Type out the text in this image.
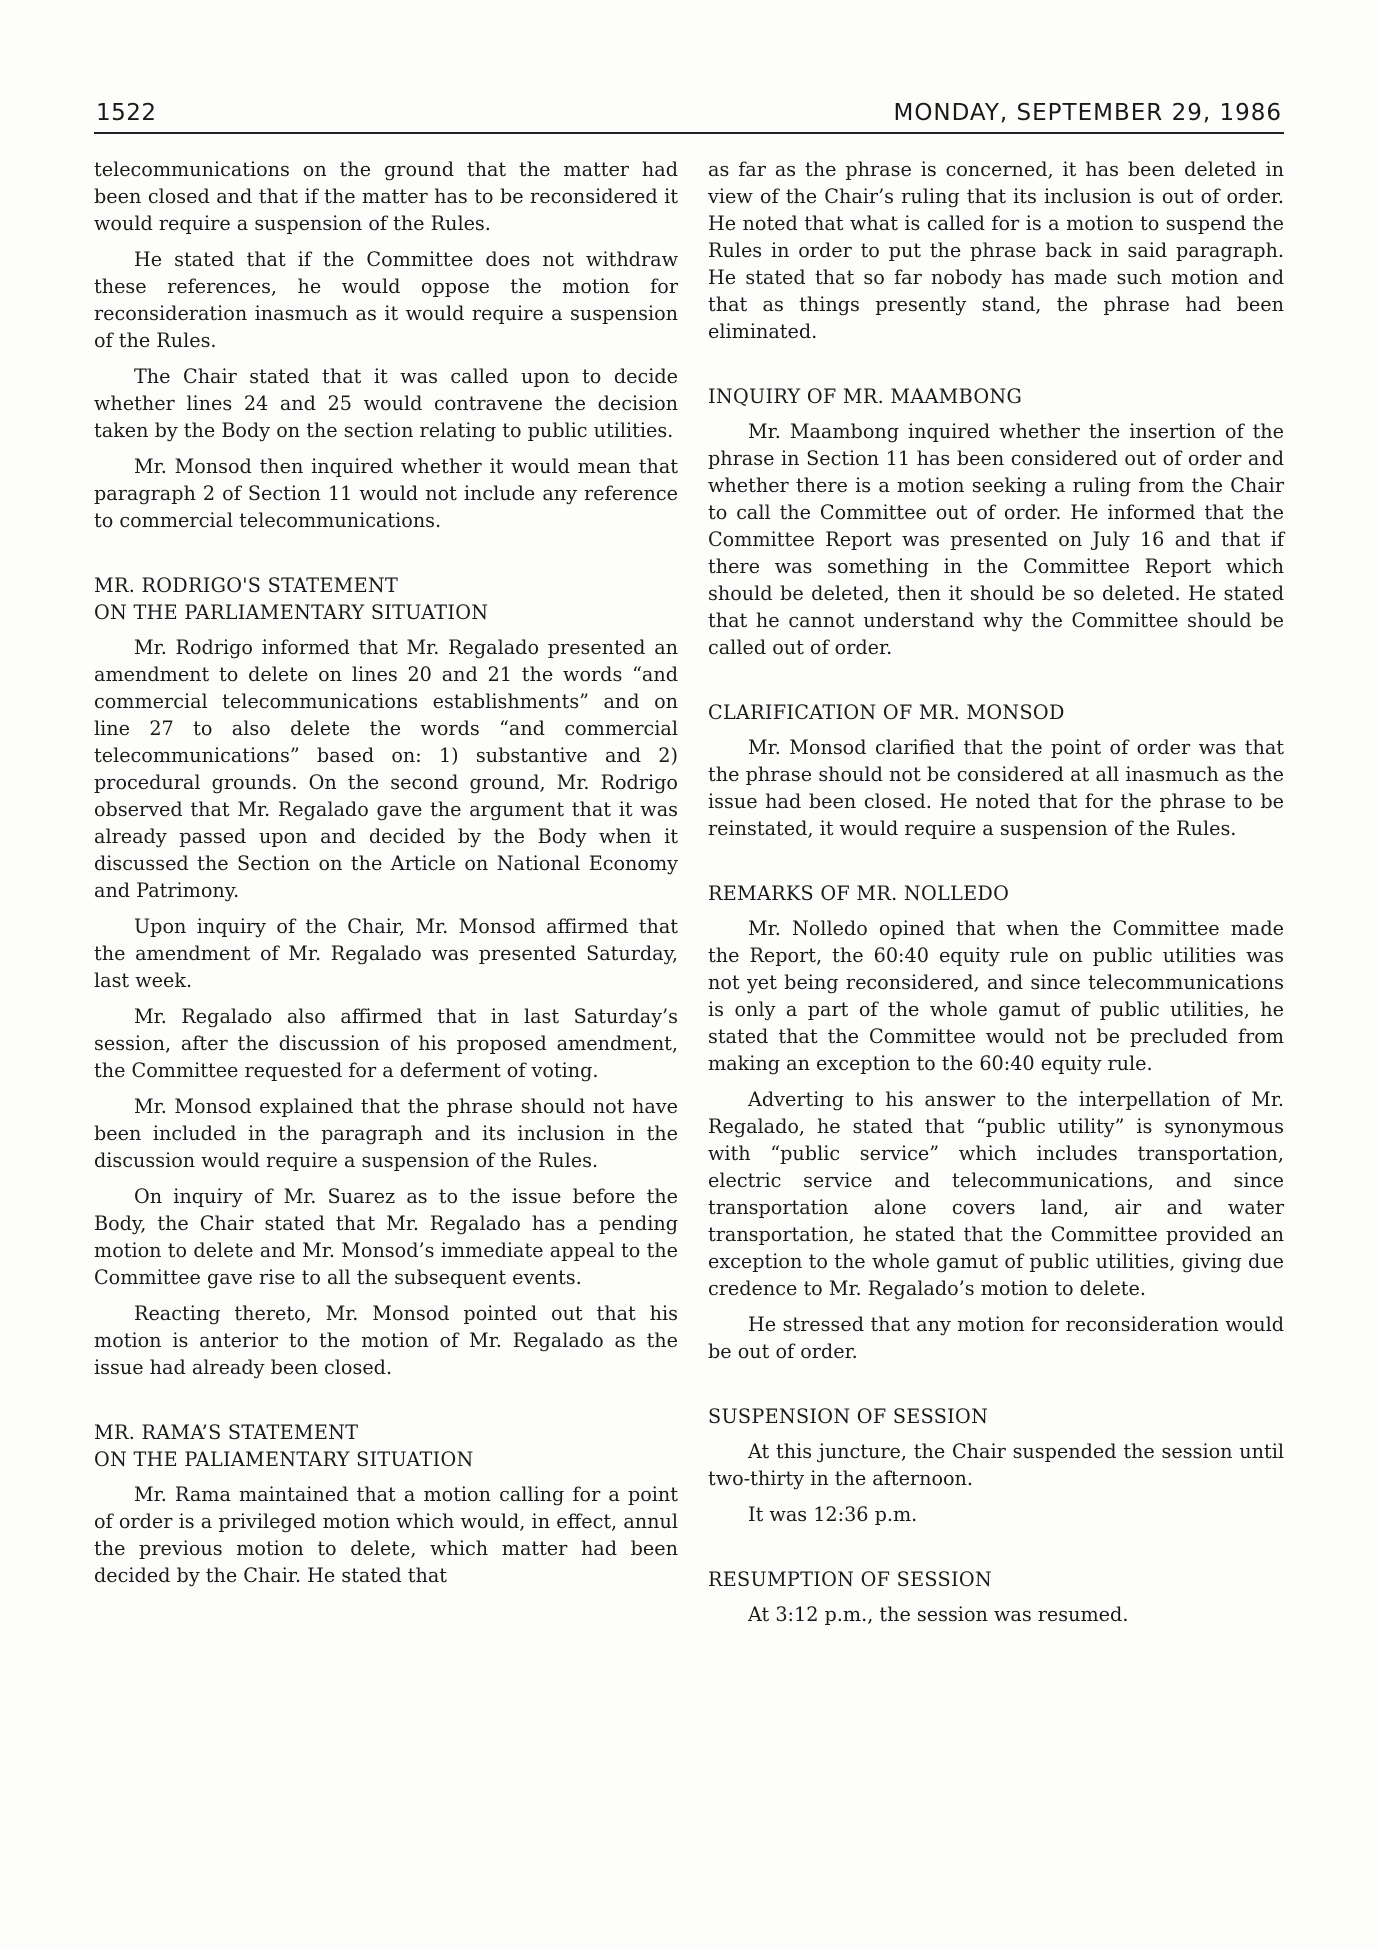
1522	MONDAY, SEPTEMBER 29, 1986

telecommunications on the ground that the matter had been closed and that if the matter has to be reconsidered it would require a suspension of the Rules.

He stated that if the Committee does not withdraw these references, he would oppose the motion for reconsideration inasmuch as it would require a suspension of the Rules.

The Chair stated that it was called upon to decide whether lines 24 and 25 would contravene the decision taken by the Body on the section relating to public utilities.

Mr. Monsod then inquired whether it would mean that paragraph 2 of Section 11 would not include any reference to commercial telecommunications.

MR. RODRIGO'S STATEMENT
ON THE PARLIAMENTARY SITUATION

Mr. Rodrigo informed that Mr. Regalado presented an amendment to delete on lines 20 and 21 the words “and commercial telecommunications establishments” and on line 27 to also delete the words “and commercial telecommunications” based on: 1) substantive and 2) procedural grounds. On the second ground, Mr. Rodrigo observed that Mr. Regalado gave the argument that it was already passed upon and decided by the Body when it discussed the Section on the Article on National Economy and Patrimony.

Upon inquiry of the Chair, Mr. Monsod affirmed that the amendment of Mr. Regalado was presented Saturday, last week.

Mr. Regalado also affirmed that in last Saturday’s session, after the discussion of his proposed amendment, the Committee requested for a deferment of voting.

Mr. Monsod explained that the phrase should not have been included in the paragraph and its inclusion in the discussion would require a suspension of the Rules.

On inquiry of Mr. Suarez as to the issue before the Body, the Chair stated that Mr. Regalado has a pending motion to delete and Mr. Monsod’s immediate appeal to the Committee gave rise to all the subsequent events.

Reacting thereto, Mr. Monsod pointed out that his motion is anterior to the motion of Mr. Regalado as the issue had already been closed.

MR. RAMA’S STATEMENT
ON THE PALIAMENTARY SITUATION

Mr. Rama maintained that a motion calling for a point of order is a privileged motion which would, in effect, annul the previous motion to delete, which matter had been decided by the Chair. He stated that

as far as the phrase is concerned, it has been deleted in view of the Chair’s ruling that its inclusion is out of order. He noted that what is called for is a motion to suspend the Rules in order to put the phrase back in said paragraph. He stated that so far nobody has made such motion and that as things presently stand, the phrase had been eliminated.

INQUIRY OF MR. MAAMBONG

Mr. Maambong inquired whether the insertion of the phrase in Section 11 has been considered out of order and whether there is a motion seeking a ruling from the Chair to call the Committee out of order. He informed that the Committee Report was presented on July 16 and that if there was something in the Committee Report which should be deleted, then it should be so deleted. He stated that he cannot understand why the Committee should be called out of order.

CLARIFICATION OF MR. MONSOD

Mr. Monsod clarified that the point of order was that the phrase should not be considered at all inasmuch as the issue had been closed. He noted that for the phrase to be reinstated, it would require a suspension of the Rules.

REMARKS OF MR. NOLLEDO

Mr. Nolledo opined that when the Committee made the Report, the 60:40 equity rule on public utilities was not yet being reconsidered, and since telecommunications is only a part of the whole gamut of public utilities, he stated that the Committee would not be precluded from making an exception to the 60:40 equity rule.

Adverting to his answer to the interpellation of Mr. Regalado, he stated that “public utility” is synonymous with “public service” which includes transportation, electric service and telecommunications, and since transportation alone covers land, air and water transportation, he stated that the Committee provided an exception to the whole gamut of public utilities, giving due credence to Mr. Regalado’s motion to delete.

He stressed that any motion for reconsideration would be out of order.

SUSPENSION OF SESSION

At this juncture, the Chair suspended the session until two-thirty in the afternoon.

It was 12:36 p.m.

RESUMPTION OF SESSION

At 3:12 p.m., the session was resumed.
